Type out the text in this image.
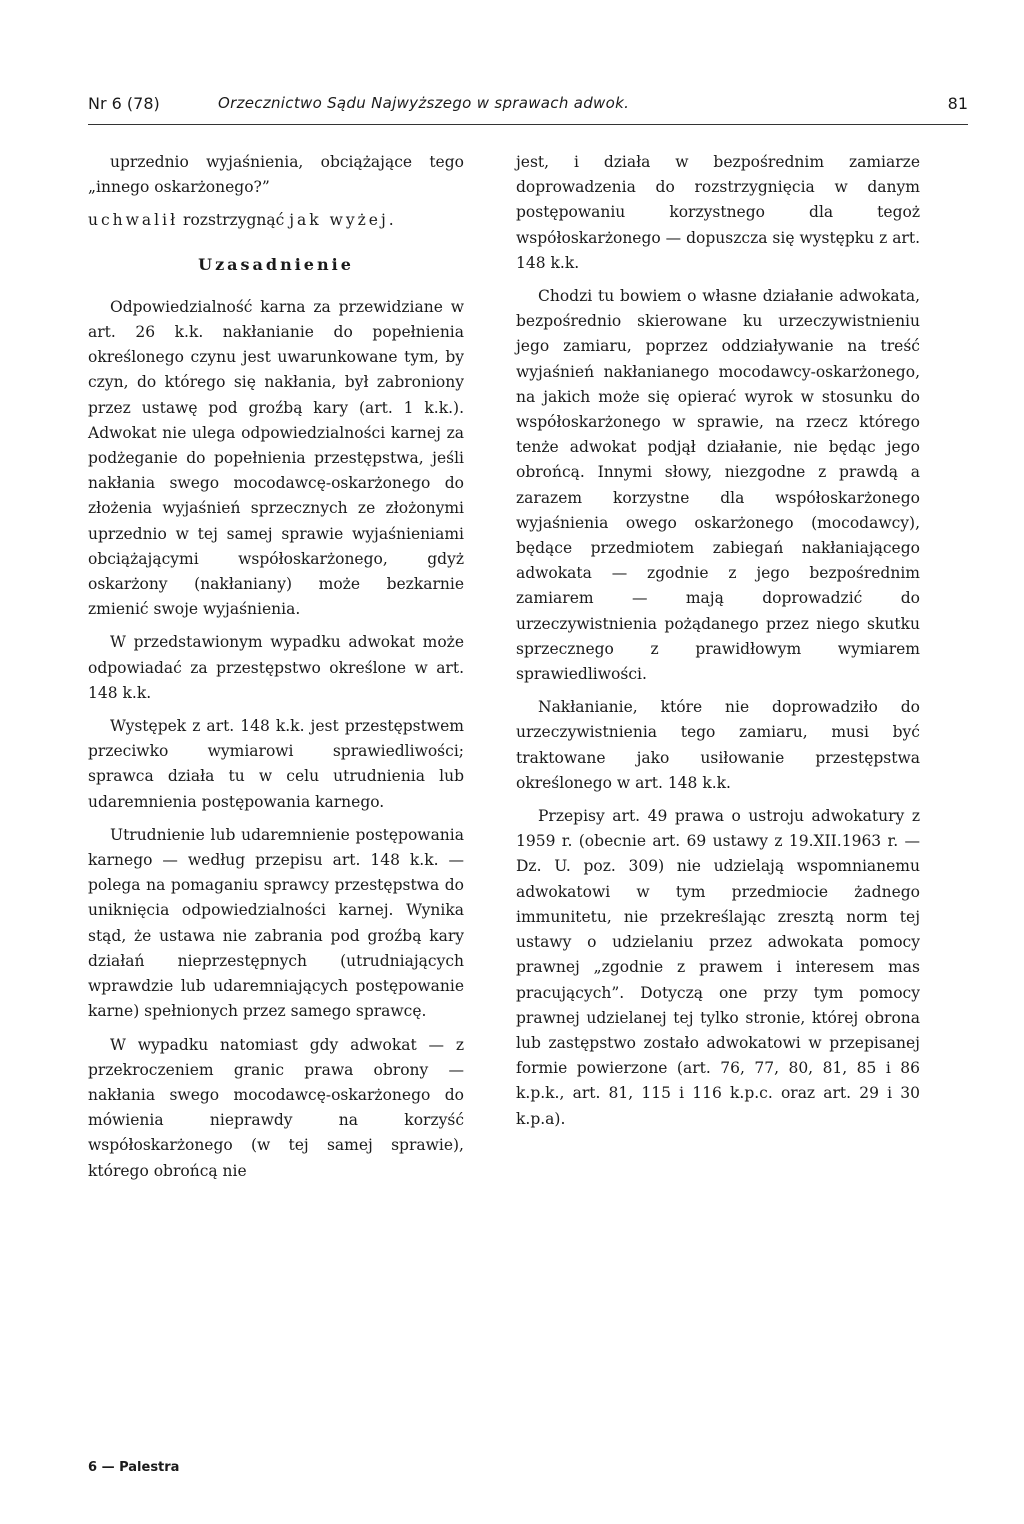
Nr 6 (78)	Orzecznictwo Sądu Najwyższego w sprawach adwok.	81

uprzednio wyjaśnienia, obciążające tego „innego oskarżonego?”

uchwalił rozstrzygnąć jak wyżej.

Uzasadnienie

Odpowiedzialność karna za przewidziane w art. 26 k.k. nakłanianie do popełnienia określonego czynu jest uwarunkowane tym, by czyn, do którego się nakłania, był zabroniony przez ustawę pod groźbą kary (art. 1 k.k.). Adwokat nie ulega odpowiedzialności karnej za podżeganie do popełnienia przestępstwa, jeśli nakłania swego mocodawcę-oskarżonego do złożenia wyjaśnień sprzecznych ze złożonymi uprzednio w tej samej sprawie wyjaśnieniami obciążającymi współoskarżonego, gdyż oskarżony (nakłaniany) może bezkarnie zmienić swoje wyjaśnienia.

W przedstawionym wypadku adwokat może odpowiadać za przestępstwo określone w art. 148 k.k.

Występek z art. 148 k.k. jest przestępstwem przeciwko wymiarowi sprawiedliwości; sprawca działa tu w celu utrudnienia lub udaremnienia postępowania karnego.

Utrudnienie lub udaremnienie postępowania karnego — według przepisu art. 148 k.k. — polega na pomaganiu sprawcy przestępstwa do uniknięcia odpowiedzialności karnej. Wynika stąd, że ustawa nie zabrania pod groźbą kary działań nieprzestępnych (utrudniających wprawdzie lub udaremniających postępowanie karne) spełnionych przez samego sprawcę.

W wypadku natomiast gdy adwokat — z przekroczeniem granic prawa obrony — nakłania swego mocodawcę-oskarżonego do mówienia nieprawdy na korzyść współoskarżonego (w tej samej sprawie), którego obrońcą nie

jest, i działa w bezpośrednim zamiarze doprowadzenia do rozstrzygnięcia w danym postępowaniu korzystnego dla tegoż współoskarżonego — dopuszcza się występku z art. 148 k.k.

Chodzi tu bowiem o własne działanie adwokata, bezpośrednio skierowane ku urzeczywistnieniu jego zamiaru, poprzez oddziaływanie na treść wyjaśnień nakłanianego mocodawcy-oskarżonego, na jakich może się opierać wyrok w stosunku do współoskarżonego w sprawie, na rzecz którego tenże adwokat podjął działanie, nie będąc jego obrońcą. Innymi słowy, niezgodne z prawdą a zarazem korzystne dla współoskarżonego wyjaśnienia owego oskarżonego (mocodawcy), będące przedmiotem zabiegań nakłaniającego adwokata — zgodnie z jego bezpośrednim zamiarem — mają doprowadzić do urzeczywistnienia pożądanego przez niego skutku sprzecznego z prawidłowym wymiarem sprawiedliwości.

Nakłanianie, które nie doprowadziło do urzeczywistnienia tego zamiaru, musi być traktowane jako usiłowanie przestępstwa określonego w art. 148 k.k.

Przepisy art. 49 prawa o ustroju adwokatury z 1959 r. (obecnie art. 69 ustawy z 19.XII.1963 r. — Dz. U. poz. 309) nie udzielają wspomnianemu adwokatowi w tym przedmiocie żadnego immunitetu, nie przekreślając zresztą norm tej ustawy o udzielaniu przez adwokata pomocy prawnej „zgodnie z prawem i interesem mas pracujących”. Dotyczą one przy tym pomocy prawnej udzielanej tej tylko stronie, której obrona lub zastępstwo zostało adwokatowi w przepisanej formie powierzone (art. 76, 77, 80, 81, 85 i 86 k.p.k., art. 81, 115 i 116 k.p.c. oraz art. 29 i 30 k.p.a).

6 — Palestra
